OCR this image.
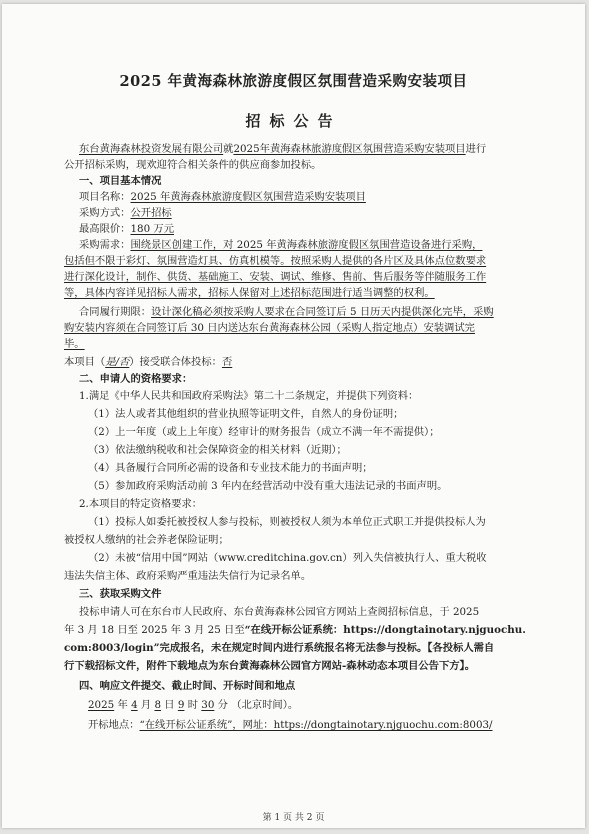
2025 年黄海森林旅游度假区氛围营造采购安装项目
招标公告
东台黄海森林投资发展有限公司就2025年黄海森林旅游度假区氛围营造采购安装项目进行
公开招标采购，现欢迎符合相关条件的供应商参加投标。
一、项目基本情况
项目名称：2025 年黄海森林旅游度假区氛围营造采购安装项目
采购方式：公开招标
最高限价：180 万元
采购需求：围绕景区创建工作，对 2025 年黄海森林旅游度假区氛围营造设备进行采购，
包括但不限于彩灯、氛围营造灯具、仿真机模等。按照采购人提供的各片区及具体点位数要求
进行深化设计，制作、供货、基础施工、安装、调试、维修、售前、售后服务等伴随服务工作
等，具体内容详见招标人需求，招标人保留对上述招标范围进行适当调整的权利。
合同履行期限：设计深化稿必须按采购人要求在合同签订后 5 日历天内提供深化完毕，采购
购安装内容须在合同签订后 30 日内送达东台黄海森林公园（采购人指定地点）安装调试完
毕。
本项目（是/否）接受联合体投标：否
二、申请人的资格要求：
1.满足《中华人民共和国政府采购法》第二十二条规定，并提供下列资料：
（1）法人或者其他组织的营业执照等证明文件，自然人的身份证明；
（2）上一年度（或上上年度）经审计的财务报告（成立不满一年不需提供）；
（3）依法缴纳税收和社会保障资金的相关材料（近期）；
（4）具备履行合同所必需的设备和专业技术能力的书面声明；
（5）参加政府采购活动前 3 年内在经营活动中没有重大违法记录的书面声明。
2.本项目的特定资格要求：
（1）投标人如委托被授权人参与投标，则被授权人须为本单位正式职工并提供投标人为
被授权人缴纳的社会养老保险证明；
（2）未被“信用中国”网站（www.creditchina.gov.cn）列入失信被执行人、重大税收
违法失信主体、政府采购严重违法失信行为记录名单。
三、获取采购文件
投标申请人可在东台市人民政府、东台黄海森林公园官方网站上查阅招标信息，于 2025
年 3 月 18 日至 2025 年 3 月 25 日至“在线开标公证系统：https://dongtainotary.njguochu.
com:8003/login”完成报名，未在规定时间内进行系统报名将无法参与投标。【各投标人需自
行下载招标文件，附件下载地点为东台黄海森林公园官方网站-森林动态本项目公告下方】。
四、响应文件提交、截止时间、开标时间和地点
2025 年 4 月 8 日 9 时 30 分 （北京时间）。
开标地点：“在线开标公证系统”，网址：https://dongtainotary.njguochu.com:8003/
第 1 页 共 2 页
